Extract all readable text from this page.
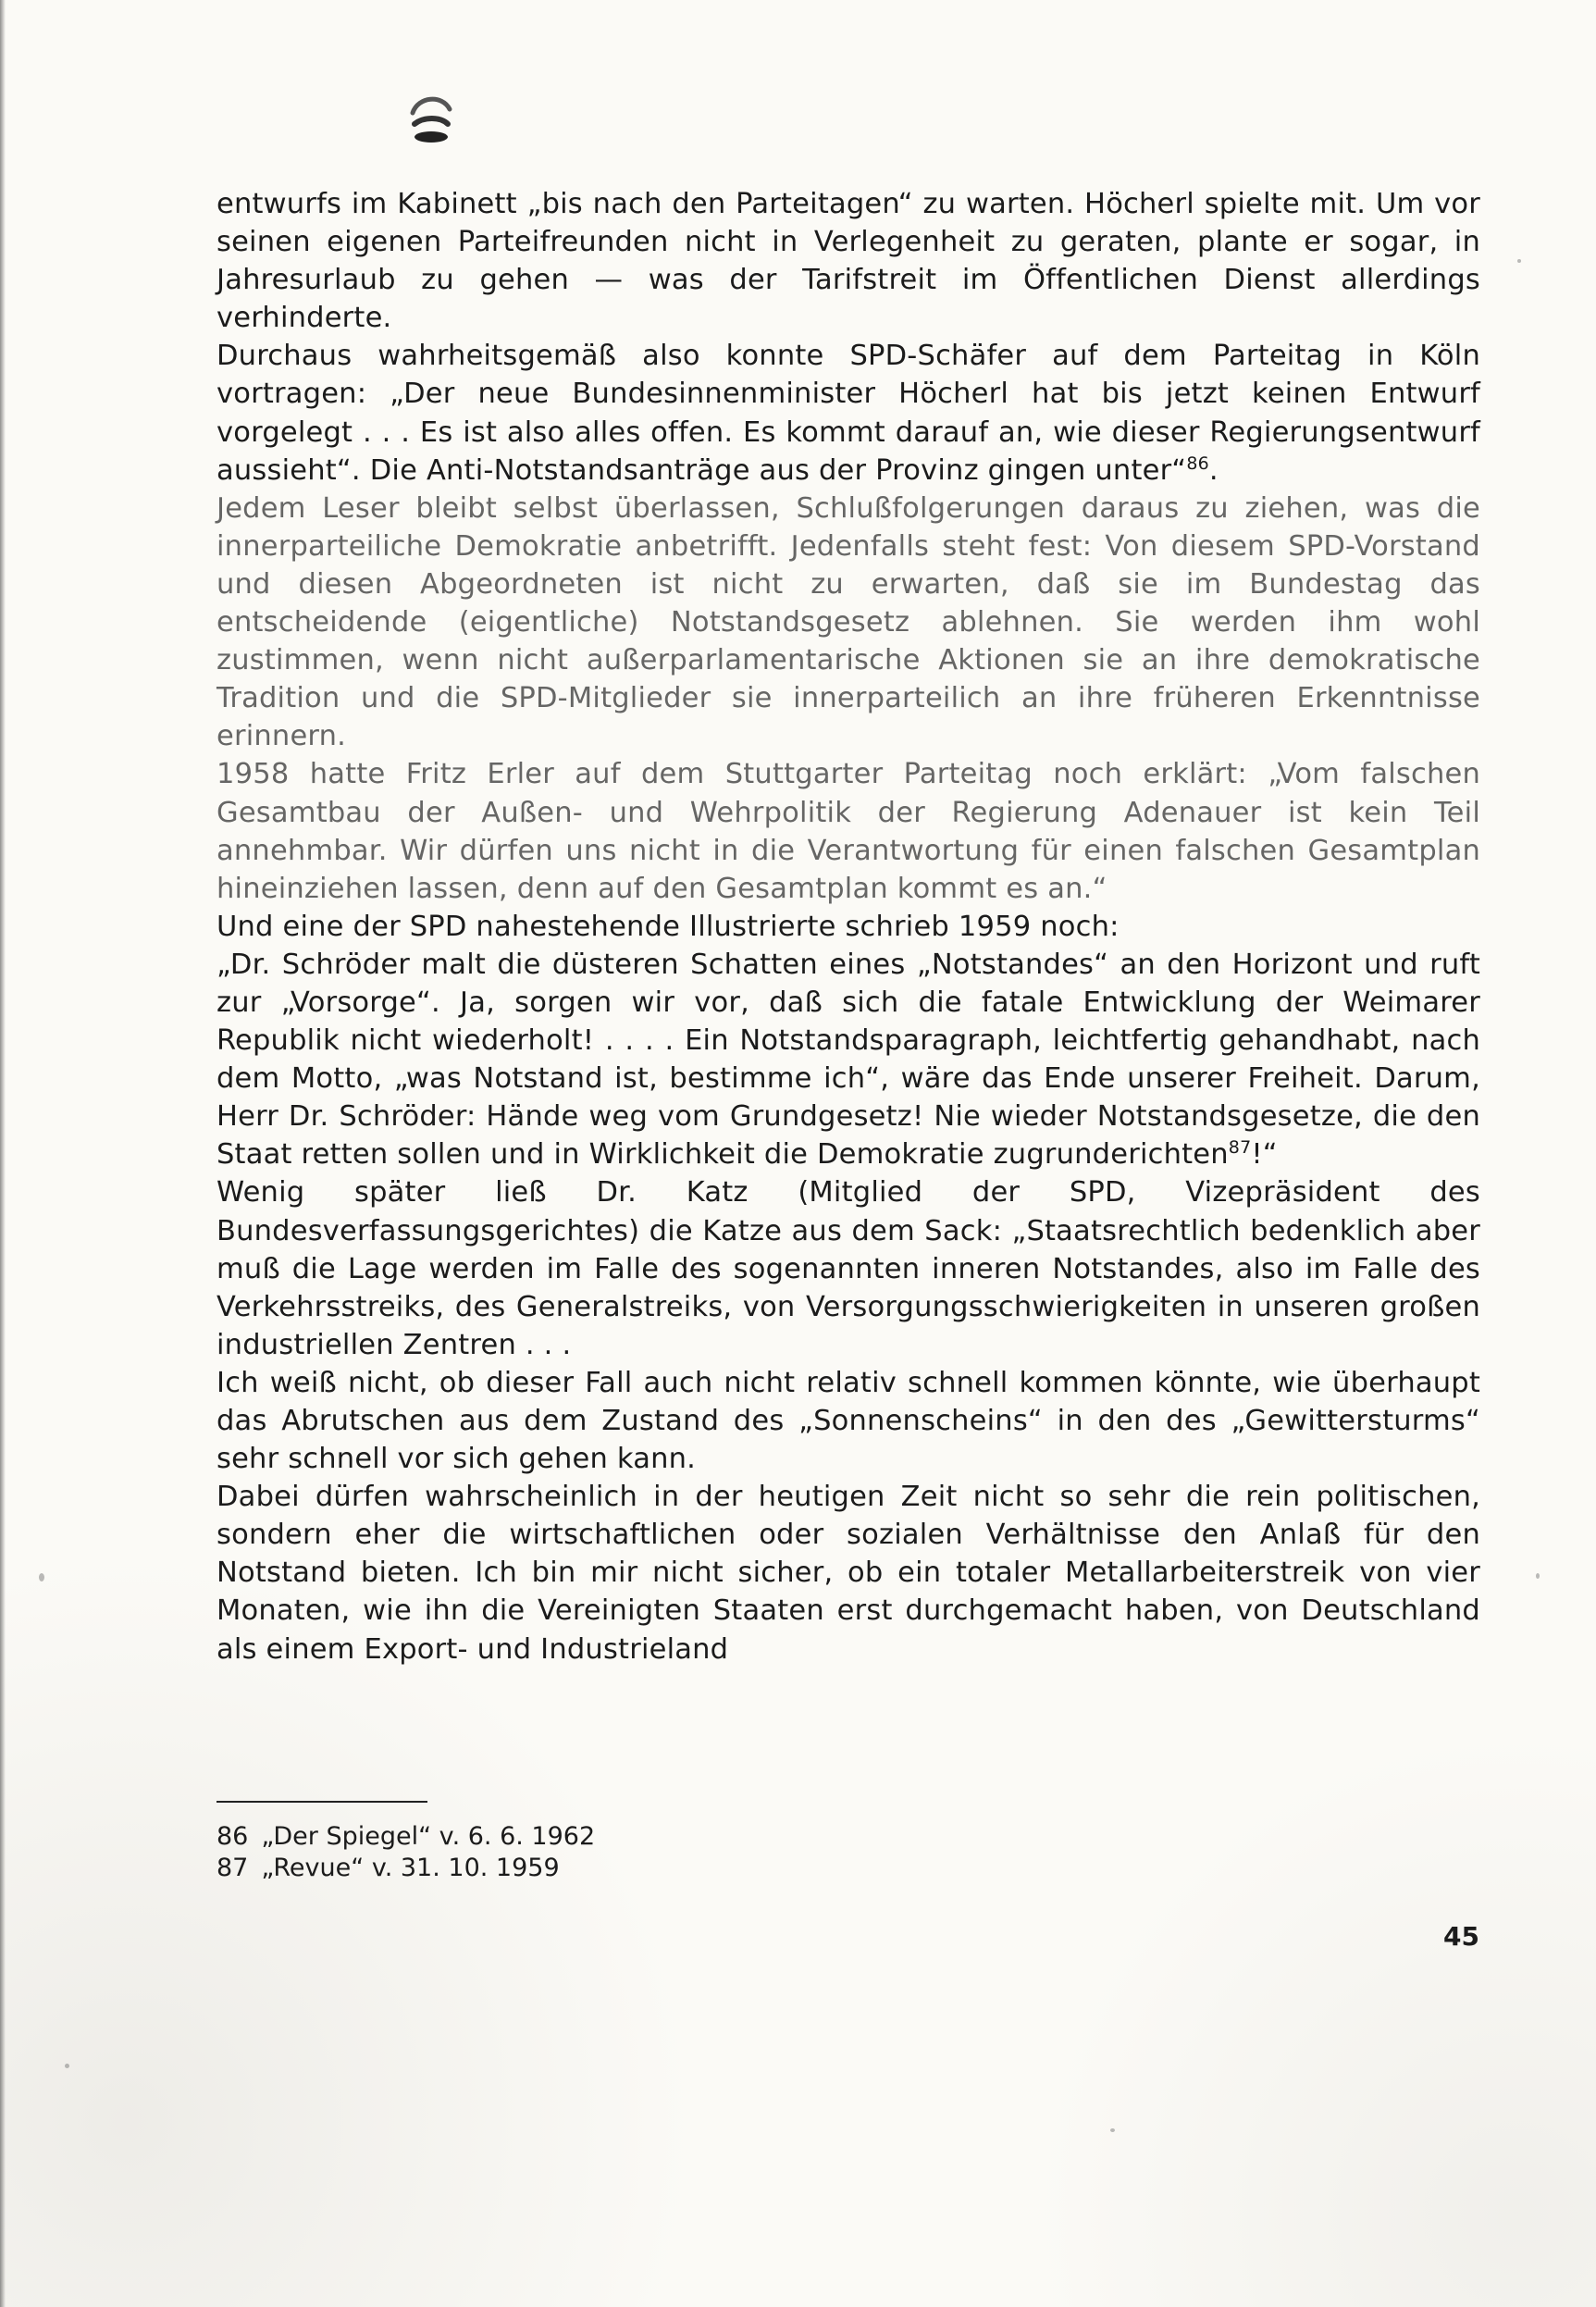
entwurfs im Kabinett „bis nach den Parteitagen“ zu warten. Höcherl spielte mit. Um vor seinen eigenen Parteifreunden nicht in Verlegenheit zu geraten, plante er sogar, in Jahresurlaub zu gehen — was der Tarifstreit im Öffentlichen Dienst allerdings verhinderte.

Durchaus wahrheitsgemäß also konnte SPD-Schäfer auf dem Parteitag in Köln vortragen: „Der neue Bundesinnenminister Höcherl hat bis jetzt keinen Entwurf vorgelegt . . . Es ist also alles offen. Es kommt darauf an, wie dieser Regierungsentwurf aussieht“. Die Anti-Notstandsanträge aus der Provinz gingen unter“$^{86}$.

Jedem Leser bleibt selbst überlassen, Schlußfolgerungen daraus zu ziehen, was die innerparteiliche Demokratie anbetrifft. Jedenfalls steht fest: Von diesem SPD-Vorstand und diesen Abgeordneten ist nicht zu erwarten, daß sie im Bundestag das entscheidende (eigentliche) Notstandsgesetz ablehnen. Sie werden ihm wohl zustimmen, wenn nicht außerparlamentarische Aktionen sie an ihre demokratische Tradition und die SPD-Mitglieder sie innerparteilich an ihre früheren Erkenntnisse erinnern.

1958 hatte Fritz Erler auf dem Stuttgarter Parteitag noch erklärt: „Vom falschen Gesamtbau der Außen- und Wehrpolitik der Regierung Adenauer ist kein Teil annehmbar. Wir dürfen uns nicht in die Verantwortung für einen falschen Gesamtplan hineinziehen lassen, denn auf den Gesamtplan kommt es an.“

Und eine der SPD nahestehende Illustrierte schrieb 1959 noch:

„Dr. Schröder malt die düsteren Schatten eines „Notstandes“ an den Horizont und ruft zur „Vorsorge“. Ja, sorgen wir vor, daß sich die fatale Entwicklung der Weimarer Republik nicht wiederholt! . . . . Ein Notstandsparagraph, leichtfertig gehandhabt, nach dem Motto, „was Notstand ist, bestimme ich“, wäre das Ende unserer Freiheit. Darum, Herr Dr. Schröder: Hände weg vom Grundgesetz! Nie wieder Notstandsgesetze, die den Staat retten sollen und in Wirklichkeit die Demokratie zugrunderichten$^{87}$!“

Wenig später ließ Dr. Katz (Mitglied der SPD, Vizepräsident des Bundesverfassungsgerichtes) die Katze aus dem Sack: „Staatsrechtlich bedenklich aber muß die Lage werden im Falle des sogenannten inneren Notstandes, also im Falle des Verkehrsstreiks, des Generalstreiks, von Versorgungsschwierigkeiten in unseren großen industriellen Zentren . . .

Ich weiß nicht, ob dieser Fall auch nicht relativ schnell kommen könnte, wie überhaupt das Abrutschen aus dem Zustand des „Sonnenscheins“ in den des „Gewittersturms“ sehr schnell vor sich gehen kann.

Dabei dürfen wahrscheinlich in der heutigen Zeit nicht so sehr die rein politischen, sondern eher die wirtschaftlichen oder sozialen Verhältnisse den Anlaß für den Notstand bieten. Ich bin mir nicht sicher, ob ein totaler Metallarbeiterstreik von vier Monaten, wie ihn die Vereinigten Staaten erst durchgemacht haben, von Deutschland als einem Export- und Industrieland

86 „Der Spiegel“ v. 6. 6. 1962
87 „Revue“ v. 31. 10. 1959
45
